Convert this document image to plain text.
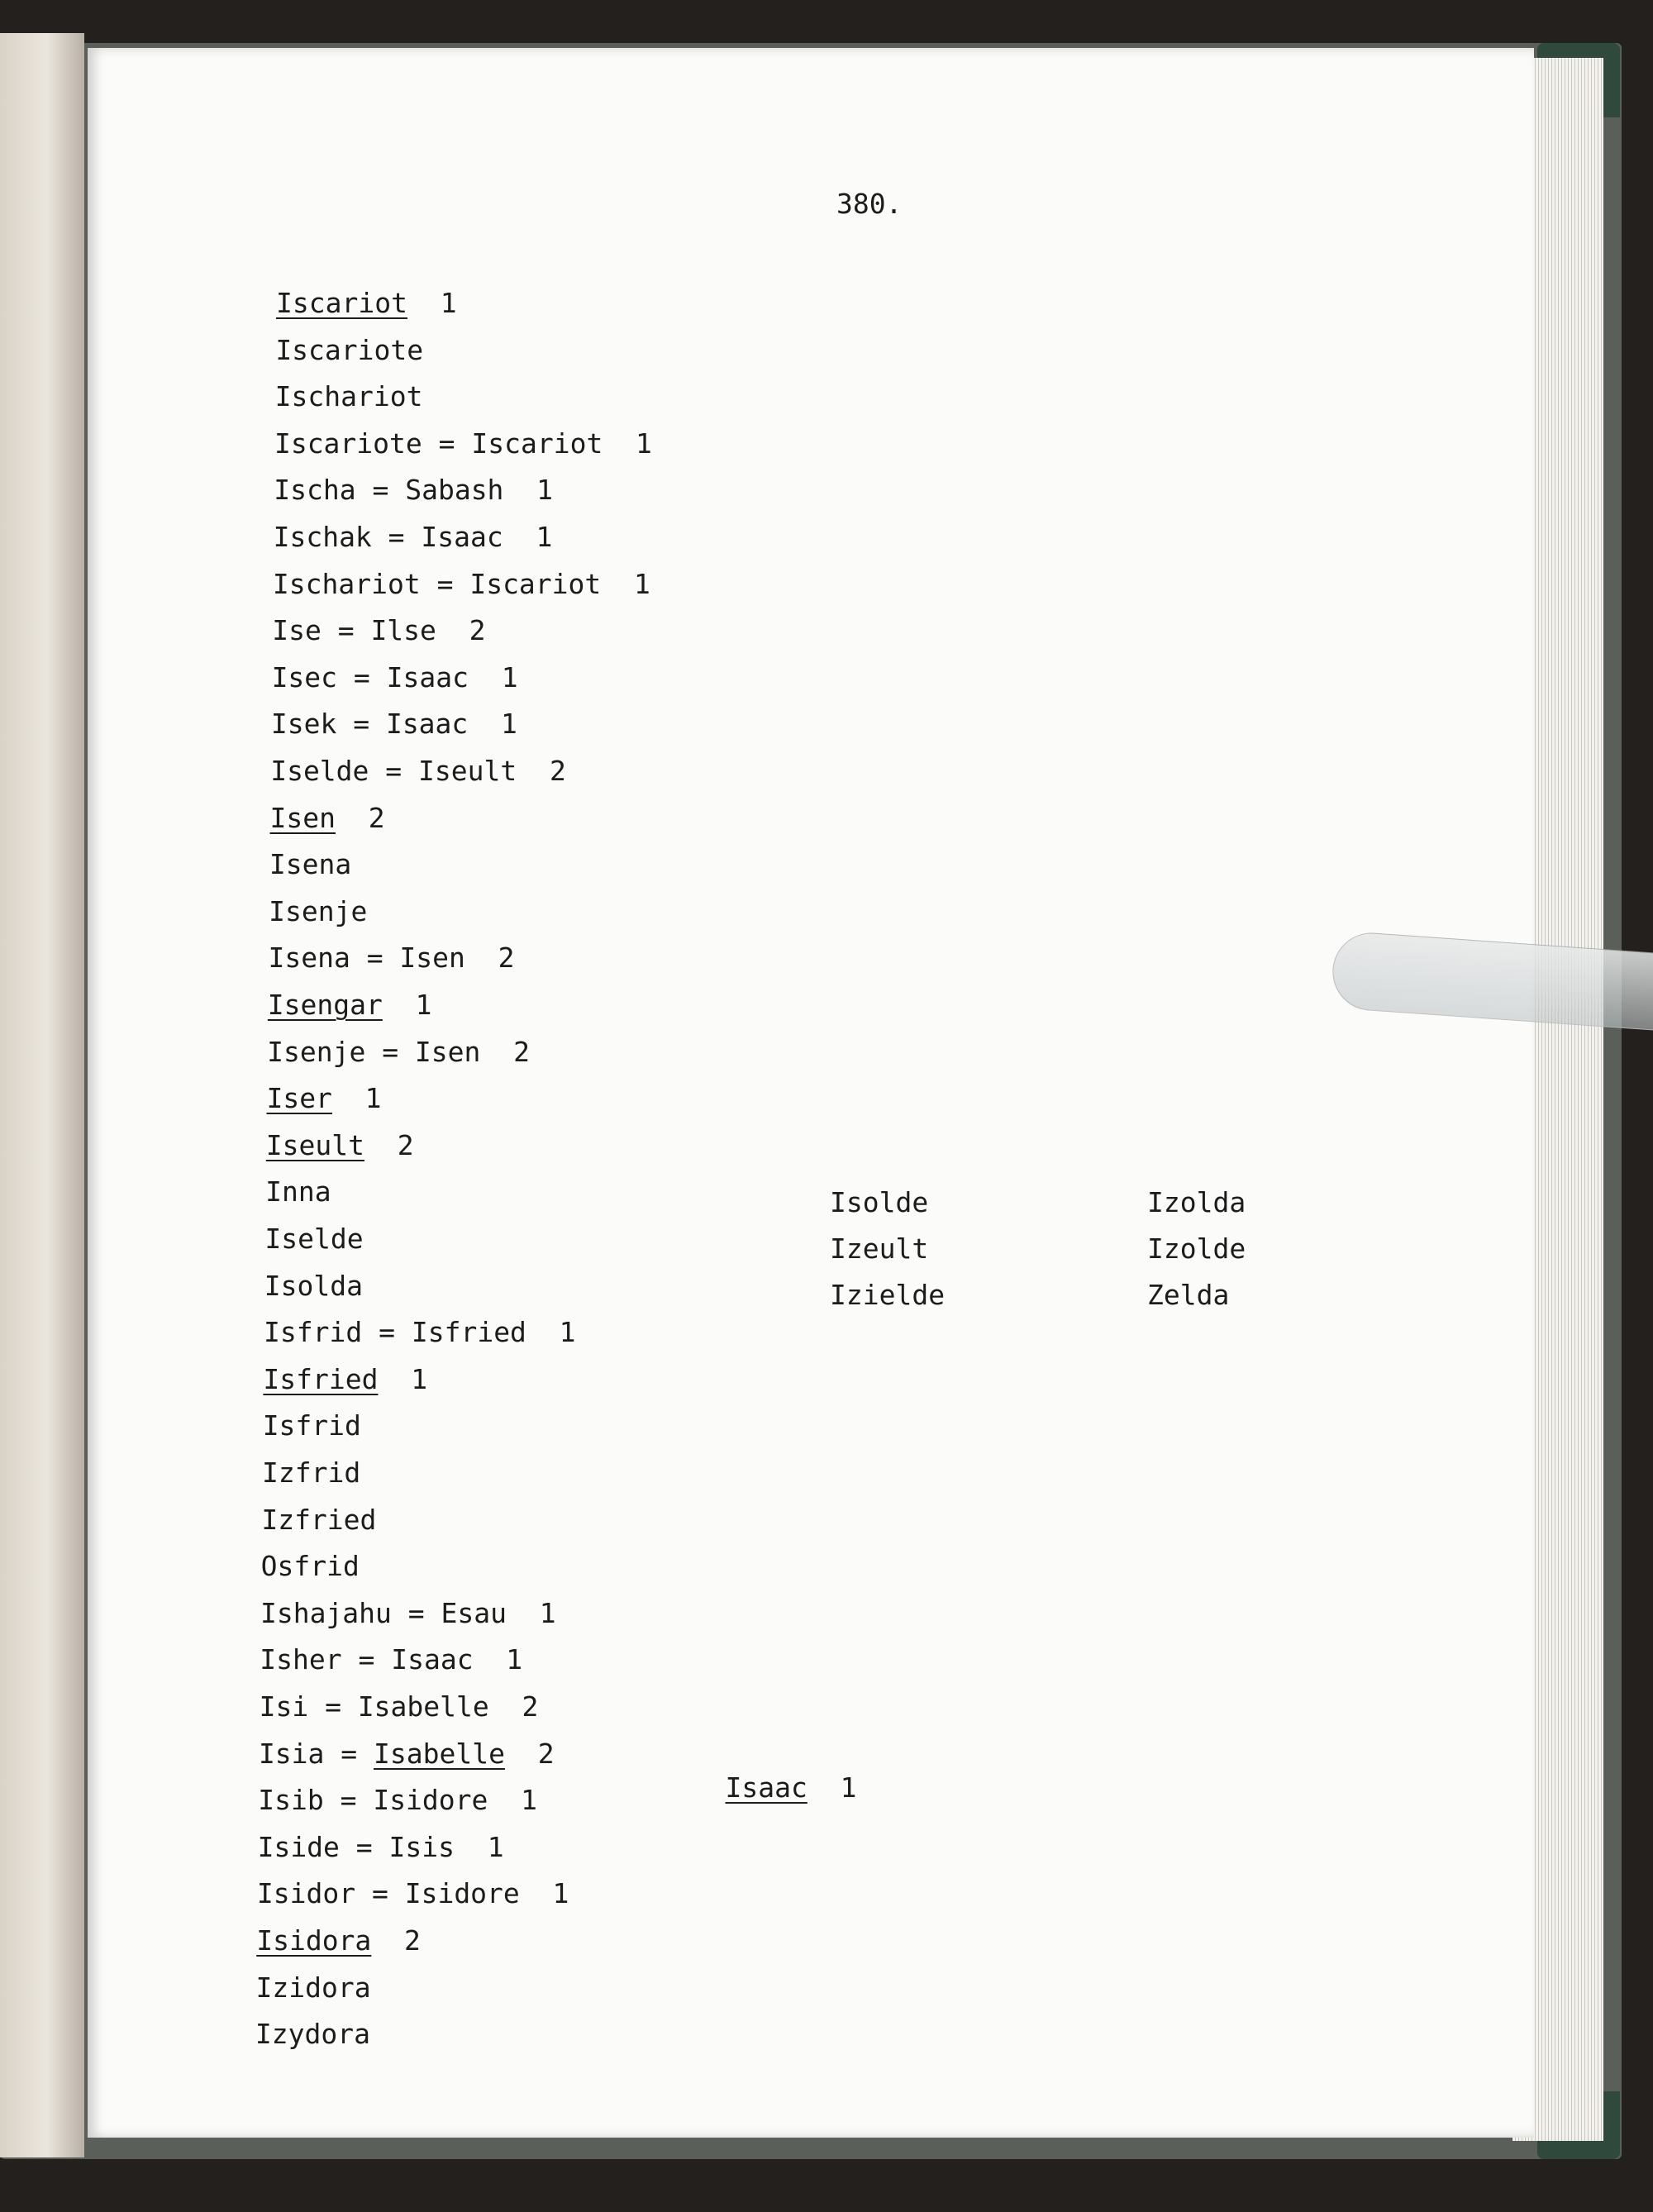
380.
Iscariot  1
Iscariote
Ischariot
Iscariote = Iscariot  1
Ischa = Sabash  1
Ischak = Isaac  1
Ischariot = Iscariot  1
Ise = Ilse  2
Isec = Isaac  1
Isek = Isaac  1
Iselde = Iseult  2
Isen  2
Isena
Isenje
Isena = Isen  2
Isengar  1
Isenje = Isen  2
Iser  1
Iseult  2
Inna
Iselde
Isolda
Isfrid = Isfried  1
Isfried  1
Isfrid
Izfrid
Izfried
Osfrid
Ishajahu = Esau  1
Isher = Isaac  1
Isi = Isabelle  2
Isia = Isabelle  2
Isib = Isidore  1
Iside = Isis  1
Isidor = Isidore  1
Isidora  2
Izidora
Izydora

Isaac 1

Isolde
Izeult
Izielde
Izolda
Izolde
Zelda
